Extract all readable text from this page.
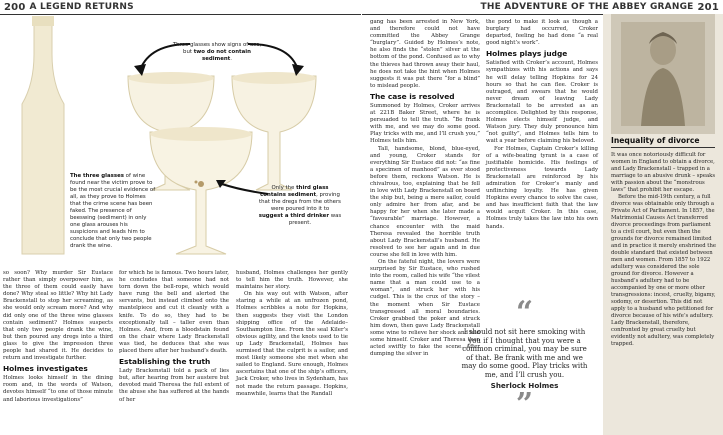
200 A LEGEND RETURNS	THE ADVENTURE OF THE ABBEY GRANGE 201
Three glasses show signs of use, but two do not contain sediment.
The three glasses of wine found near the victim prove to be the most crucial evidence of all, as they prove to Holmes that the crime scene has been faked. The presence of beeswing (sediment) in only one glass arouses his suspicions and leads him to conclude that only two people drank the wine.
Only the third glass contains sediment, proving that the dregs from the others were poured into it to suggest a third drinker was present.

so soon? Why murder Sir Eustace rather than simply overpower him, as the three of them could easily have done? Why steal so little? Why hit Lady Brackenstall to stop her screaming, as she would only scream more? And why did only one of the three wine glasses contain sediment? Holmes suspects that only two people drank the wine, but then poured any dregs into a third glass to give the impression three people had shared it. He decides to return and investigate further.

Holmes investigates

Holmes looks himself in the dining room and, in the words of Watson, devotes himself “to one of those minute and laborious investigations”

for which he is famous. Two hours later, he concludes that someone had not torn down the bell-rope, which would have rung the bell and alerted the servants, but instead climbed onto the mantelpiece and cut it cleanly with a knife. To do so, they had to be exceptionally tall – taller even than Holmes. And, from a bloodstain found on the chair where Lady Brackenstall was tied, he deduces that she was placed there after her husband’s death.

Establishing the truth

Lady Brackenstall told a pack of lies but, after hearing from her austere but devoted maid Theresa the full extent of the abuse she has suffered at the hands of her

husband, Holmes challenges her gently to tell him the truth. However, she maintains her story.

On his way out with Watson, after staring a while at an unfrozen pond, Holmes scribbles a note for Hopkins, then suggests they visit the London shipping office of the Adelaide–Southampton line. From the seal Kiler’s obvious agility, and the knots used to tie up Lady Brackenstall, Holmes has surmised that the culprit is a sailor, and most likely someone she met when she sailed to England. Sure enough, Holmes ascertains that one of the ship’s officers, Jack Croker, who lives in Sydenham, has not made the return passage. Hopkins, meanwhile, learns that the Randall

gang has been arrested in New York, and therefore could not have committed the Abbey Grange “burglary”. Guided by Holmes’s note, he also finds the “stolen” silver at the bottom of the pond. Confused as to why the thieves had thrown away their haul, he does not take the hint when Holmes suggests it was put there “for a blind” to mislead people.

The case is resolved

Summoned by Holmes, Croker arrives at 221B Baker Street, where he is persuaded to tell the truth. “Be frank with me, and we may do some good. Play tricks with me, and I’ll crush you,” Holmes tells him.

Tall, handsome, blond, blue-eyed, and young, Croker stands for everything Sir Eustace did not: “as fine a specimen of manhood” as ever stood before them, reckons Watson. He is chivalrous, too, explaining that he fell in love with Lady Brackenstall on board the ship but, being a mere sailor, could only admire her from afar, and be happy for her when she later made a “favourable” marriage. However, a chance encounter with the maid Theresa revealed the horrible truth about Lady Brackenstall’s husband. He resolved to see her again and in due course she fell in love with him.

On the fateful night, the lovers were surprised by Sir Eustace, who rushed into the room, called his wife “the vilest name that a man could use to a woman”, and struck her with his cudgel. This is the crux of the story – the moment when Sir Eustace transgressed all moral boundaries. Croker grabbed the poker and struck him down, then gave Lady Brackenstall some wine to relieve her shock and had some himself. Croker and Theresa then acted swiftly to fake the scene. After dumping the silver in

the pond to make it look as though a burglary had occurred, Croker departed, feeling he had done “a real good night’s work”.

Holmes plays judge

Satisfied with Croker’s account, Holmes sympathizes with his actions and says he will delay telling Hopkins for 24 hours so that he can flee. Croker is outraged, and swears that he would never dream of leaving Lady Brackenstall to be arrested as an accomplice. Delighted by this response, Holmes elects himself judge, and Watson jury. They duly pronounce him “not guilty”, and Holmes tells him to wait a year before claiming his beloved.

For Holmes, Captain Croker’s killing of a wife-beating tyrant is a case of justifiable homicide. His feelings of protectiveness towards Lady Brackenstall are reinforced by his admiration for Croker’s manly and unflinching loyalty. He has given Hopkins every chance to solve the case, and has insufficient faith that the law would acquit Croker. In this case, Holmes truly takes the law into his own hands.

“
I should not sit here smoking with you if I thought that you were a common criminal, you may be sure of that. Be frank with me and we may do some good. Play tricks with me, and I’ll crush you.
Sherlock Holmes
”
Inequality of divorce

It was once notoriously difficult for women in England to obtain a divorce, and Lady Brackenstall – trapped in a marriage to an abusive drunk – speaks with passion about the “monstrous laws” that prohibit her escape.

Before the mid-19th century, a full divorce was obtainable only through a Private Act of Parliament. In 1857, the Matrimonial Causes Act transferred divorce proceedings from parliament to a civil court, but even then the grounds for divorce remained limited and in practice it merely enshrined the double standard that existed between men and women. From 1857 to 1922 adultery was considered the sole ground for divorce. However a husband’s adultery had to be accompanied by one or more other transgressions: incest, cruelty, bigamy, sodomy, or desertion. This did not apply to a husband who petitioned for divorce because of his wife’s adultery. Lady Brackenstall, therefore, confronted by great cruelty but evidently not adultery, was completely trapped.
